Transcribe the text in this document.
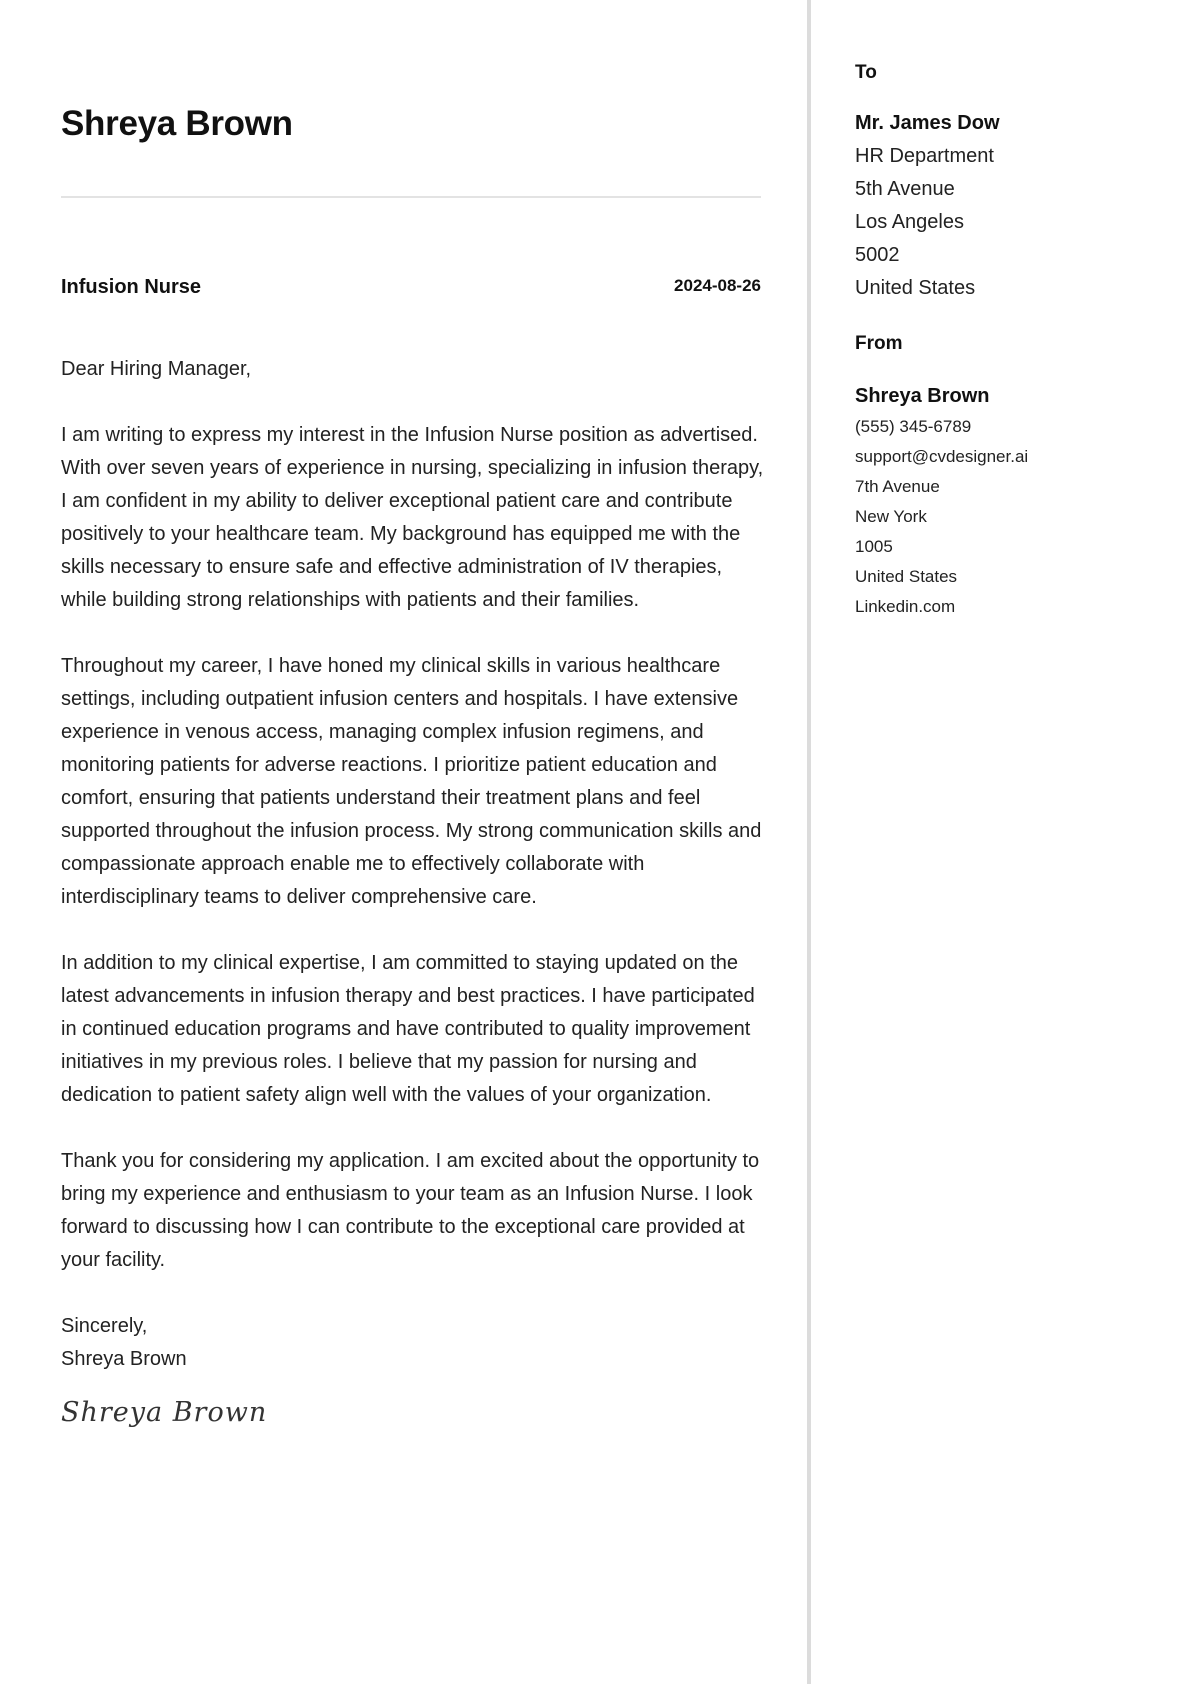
Shreya Brown
Infusion Nurse	2024-08-26

Dear Hiring Manager,

I am writing to express my interest in the Infusion Nurse position as advertised. With over seven years of experience in nursing, specializing in infusion therapy, I am confident in my ability to deliver exceptional patient care and contribute positively to your healthcare team. My background has equipped me with the skills necessary to ensure safe and effective administration of IV therapies, while building strong relationships with patients and their families.

Throughout my career, I have honed my clinical skills in various healthcare settings, including outpatient infusion centers and hospitals. I have extensive experience in venous access, managing complex infusion regimens, and monitoring patients for adverse reactions. I prioritize patient education and comfort, ensuring that patients understand their treatment plans and feel supported throughout the infusion process. My strong communication skills and compassionate approach enable me to effectively collaborate with interdisciplinary teams to deliver comprehensive care.

In addition to my clinical expertise, I am committed to staying updated on the latest advancements in infusion therapy and best practices. I have participated in continued education programs and have contributed to quality improvement initiatives in my previous roles. I believe that my passion for nursing and dedication to patient safety align well with the values of your organization.

Thank you for considering my application. I am excited about the opportunity to bring my experience and enthusiasm to your team as an Infusion Nurse. I look forward to discussing how I can contribute to the exceptional care provided at your facility.

Sincerely,
Shreya Brown
Shreya Brown
To
Mr. James Dow
HR Department
5th Avenue
Los Angeles
5002
United States
From
Shreya Brown
(555) 345-6789
support@cvdesigner.ai
7th Avenue
New York
1005
United States
Linkedin.com
